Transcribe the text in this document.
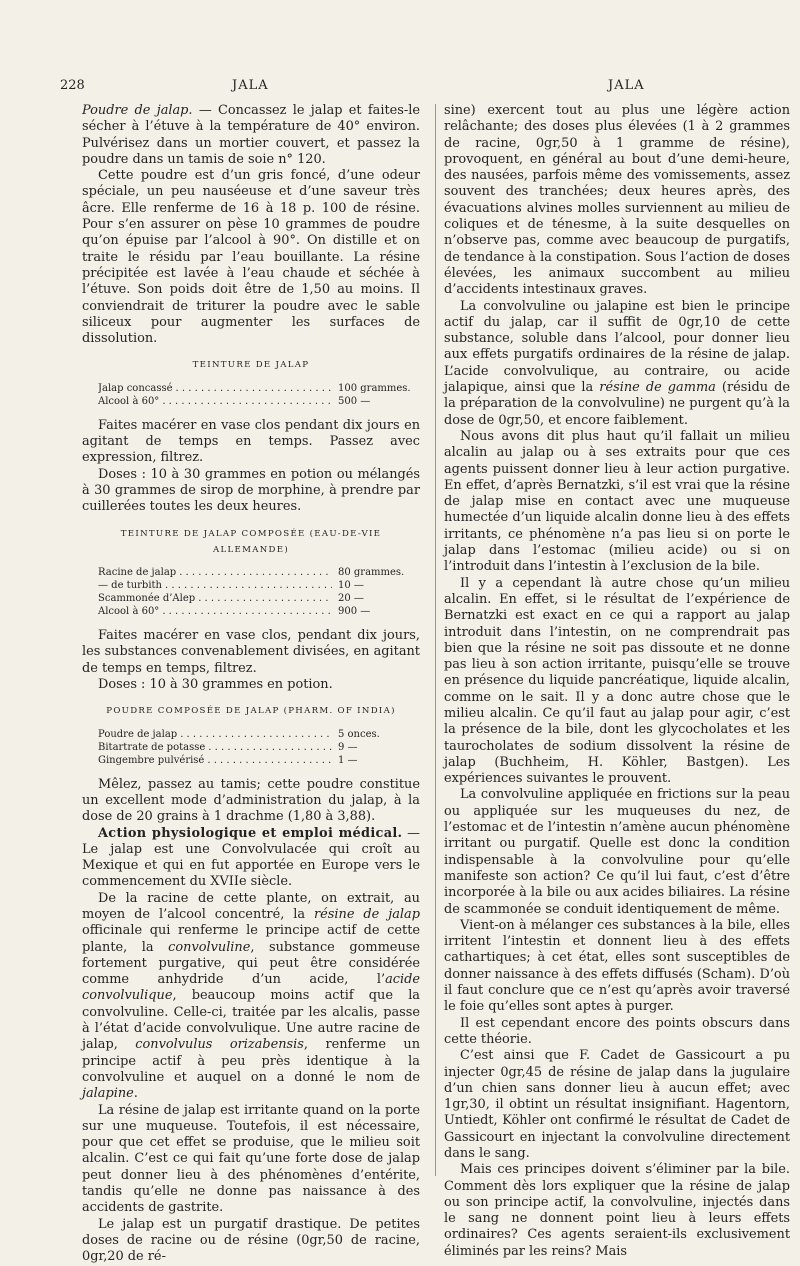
228	JALA	JALA

Poudre de jalap. — Concassez le jalap et faites-le sécher à l’étuve à la température de 40° environ. Pulvérisez dans un mortier couvert, et passez la poudre dans un tamis de soie n° 120.

Cette poudre est d’un gris foncé, d’une odeur spéciale, un peu nauséeuse et d’une saveur très âcre. Elle renferme de 16 à 18 p. 100 de résine. Pour s’en assurer on pèse 10 grammes de poudre qu’on épuise par l’alcool à 90°. On distille et on traite le résidu par l’eau bouillante. La résine précipitée est lavée à l’eau chaude et séchée à l’étuve. Son poids doit être de 1,50 au moins. Il conviendrait de triturer la poudre avec le sable siliceux pour augmenter les surfaces de dissolution.

TEINTURE DE JALAP
Jalap concassé . . .	100 grammes.
Alcool à 60° . . .	500 —

Faites macérer en vase clos pendant dix jours en agitant de temps en temps. Passez avec expression, filtrez.

Doses : 10 à 30 grammes en potion ou mélangés à 30 grammes de sirop de morphine, à prendre par cuillerées toutes les deux heures.

TEINTURE DE JALAP COMPOSÉE (EAU-DE-VIE ALLEMANDE)
Racine de jalap . . .	80 grammes.
— de turbith . . .	10 —
Scammonée d’Alep . . .	20 —
Alcool à 60° . . .	900 —

Faites macérer en vase clos, pendant dix jours, les substances convenablement divisées, en agitant de temps en temps, filtrez.

Doses : 10 à 30 grammes en potion.

POUDRE COMPOSÉE DE JALAP (PHARM. OF INDIA)
Poudre de jalap . . .	5 onces.
Bitartrate de potasse . . .	9 —
Gingembre pulvérisé . . .	1 —

Mêlez, passez au tamis; cette poudre constitue un excellent mode d’administration du jalap, à la dose de 20 grains à 1 drachme (1,80 à 3,88).

Action physiologique et emploi médical. — Le jalap est une Convolvulacée qui croît au Mexique et qui en fut apportée en Europe vers le commencement du XVIIe siècle.

De la racine de cette plante, on extrait, au moyen de l’alcool concentré, la résine de jalap officinale qui renferme le principe actif de cette plante, la convolvuline, substance gommeuse fortement purgative, qui peut être considérée comme anhydride d’un acide, l’acide convolvulique, beaucoup moins actif que la convolvuline. Celle-ci, traitée par les alcalis, passe à l’état d’acide convolvulique. Une autre racine de jalap, convolvulus orizabensis, renferme un principe actif à peu près identique à la convolvuline et auquel on a donné le nom de jalapine.

La résine de jalap est irritante quand on la porte sur une muqueuse. Toutefois, il est nécessaire, pour que cet effet se produise, que le milieu soit alcalin. C’est ce qui fait qu’une forte dose de jalap peut donner lieu à des phénomènes d’entérite, tandis qu’elle ne donne pas naissance à des accidents de gastrite.

Le jalap est un purgatif drastique. De petites doses de racine ou de résine (0gr,50 de racine, 0gr,20 de ré-

sine) exercent tout au plus une légère action relâchante; des doses plus élevées (1 à 2 grammes de racine, 0gr,50 à 1 gramme de résine), provoquent, en général au bout d’une demi-heure, des nausées, parfois même des vomissements, assez souvent des tranchées; deux heures après, des évacuations alvines molles surviennent au milieu de coliques et de ténesme, à la suite desquelles on n’observe pas, comme avec beaucoup de purgatifs, de tendance à la constipation. Sous l’action de doses élevées, les animaux succombent au milieu d’accidents intestinaux graves.

La convolvuline ou jalapine est bien le principe actif du jalap, car il suffit de 0gr,10 de cette substance, soluble dans l’alcool, pour donner lieu aux effets purgatifs ordinaires de la résine de jalap. L’acide convolvulique, au contraire, ou acide jalapique, ainsi que la résine de gamma (résidu de la préparation de la convolvuline) ne purgent qu’à la dose de 0gr,50, et encore faiblement.

Nous avons dit plus haut qu’il fallait un milieu alcalin au jalap ou à ses extraits pour que ces agents puissent donner lieu à leur action purgative. En effet, d’après Bernatzki, s’il est vrai que la résine de jalap mise en contact avec une muqueuse humectée d’un liquide alcalin donne lieu à des effets irritants, ce phénomène n’a pas lieu si on porte le jalap dans l’estomac (milieu acide) ou si on l’introduit dans l’intestin à l’exclusion de la bile.

Il y a cependant là autre chose qu’un milieu alcalin. En effet, si le résultat de l’expérience de Bernatzki est exact en ce qui a rapport au jalap introduit dans l’intestin, on ne comprendrait pas bien que la résine ne soit pas dissoute et ne donne pas lieu à son action irritante, puisqu’elle se trouve en présence du liquide pancréatique, liquide alcalin, comme on le sait. Il y a donc autre chose que le milieu alcalin. Ce qu’il faut au jalap pour agir, c’est la présence de la bile, dont les glycocholates et les taurocholates de sodium dissolvent la résine de jalap (Buchheim, H. Köhler, Bastgen). Les expériences suivantes le prouvent.

La convolvuline appliquée en frictions sur la peau ou appliquée sur les muqueuses du nez, de l’estomac et de l’intestin n’amène aucun phénomène irritant ou purgatif. Quelle est donc la condition indispensable à la convolvuline pour qu’elle manifeste son action? Ce qu’il lui faut, c’est d’être incorporée à la bile ou aux acides biliaires. La résine de scammonée se conduit identiquement de même.

Vient-on à mélanger ces substances à la bile, elles irritent l’intestin et donnent lieu à des effets cathartiques; à cet état, elles sont susceptibles de donner naissance à des effets diffusés (Scham). D’où il faut conclure que ce n’est qu’après avoir traversé le foie qu’elles sont aptes à purger.

Il est cependant encore des points obscurs dans cette théorie.

C’est ainsi que F. Cadet de Gassicourt a pu injecter 0gr,45 de résine de jalap dans la jugulaire d’un chien sans donner lieu à aucun effet; avec 1gr,30, il obtint un résultat insignifiant. Hagentorn, Untiedt, Köhler ont confirmé le résultat de Cadet de Gassicourt en injectant la convolvuline directement dans le sang.

Mais ces principes doivent s’éliminer par la bile. Comment dès lors expliquer que la résine de jalap ou son principe actif, la convolvuline, injectés dans le sang ne donnent point lieu à leurs effets ordinaires? Ces agents seraient-ils exclusivement éliminés par les reins? Mais
